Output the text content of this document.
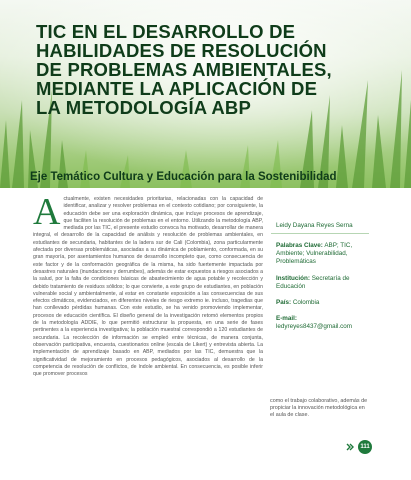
TIC EN EL DESARROLLO DE HABILIDADES DE RESOLUCIÓN DE PROBLEMAS AMBIENTALES, MEDIANTE LA APLICACIÓN DE LA METODOLOGÍA ABP
Eje Temático Cultura y Educación para la Sostenibilidad
Actualmente, existen necesidades prioritarias, relacionadas con la capacidad de identificar, analizar y resolver problemas en el contexto cotidiano; por consiguiente, la educación debe ser una exploración dinámica, que incluye procesos de aprendizaje, que faciliten la resolución de problemas en el entorno. Utilizando la metodología ABP, mediada por las TIC, el presente estudio convoca ha motivado, desarrollar de manera integral, el desarrollo de la capacidad de análisis y resolución de problemas ambientales, en estudiantes de secundaria, habitantes de la ladera sur de Cali (Colombia), zona particularmente afectada por diversas problemáticas, asociadas a su dinámica de poblamiento, conformada, en su gran mayoría, por asentamientos humanos de desarrollo incompleto que, como consecuencia de este factor y de la conformación geográfica de la misma, ha sido fuertemente impactada por desastres naturales (inundaciones y derrumbes), además de estar expuestos a riesgos asociados a la salud, por la falta de condiciones básicas de abastecimiento de agua potable y recolección y debido tratamiento de residuos sólidos; lo que convierte, a este grupo de estudiantes, en población vulnerable social y ambientalmente, al estar en constante exposición a las consecuencias de sus efectos climáticos, evidenciados, en diferentes niveles de riesgo extremo ie. incluso, tragedias que han conllevado pérdidas humanas. Con este estudio, se ha venido promoviendo implementar, procesos de educación científica. El diseño general de la investigación retomó elementos propios de la metodología ADDIE, lo que permitió estructurar la propuesta, en una serie de fases pertinentes a la experiencia investigativa; la población muestral correspondió a 120 estudiantes de secundaria. La recolección de información se empleó entre técnicas, de manera conjunta, observación participativa, encuesta, cuestionarios online (escala de Likert) y entrevista abierta. La implementación de aprendizaje basado en ABP, mediados por las TIC, demuestra que la significatividad de mejoramiento en procesos pedagógicos, asociados al desarrollo de la competencia de resolución de conflictos, de índole ambiental. En consecuencia, es posible inferir que promover procesos

Leidy Dayana Reyes Serna

Palabras Clave: ABP; TIC, Ambiente; Vulnerabilidad, Problemáticas
Institución: Secretaría de Educación
País: Colombia
E-mail: ledyreyes8437@gmail.com

como el trabajo colaborativo, además de propiciar la innovación metodológica en el aula de clase.

111
